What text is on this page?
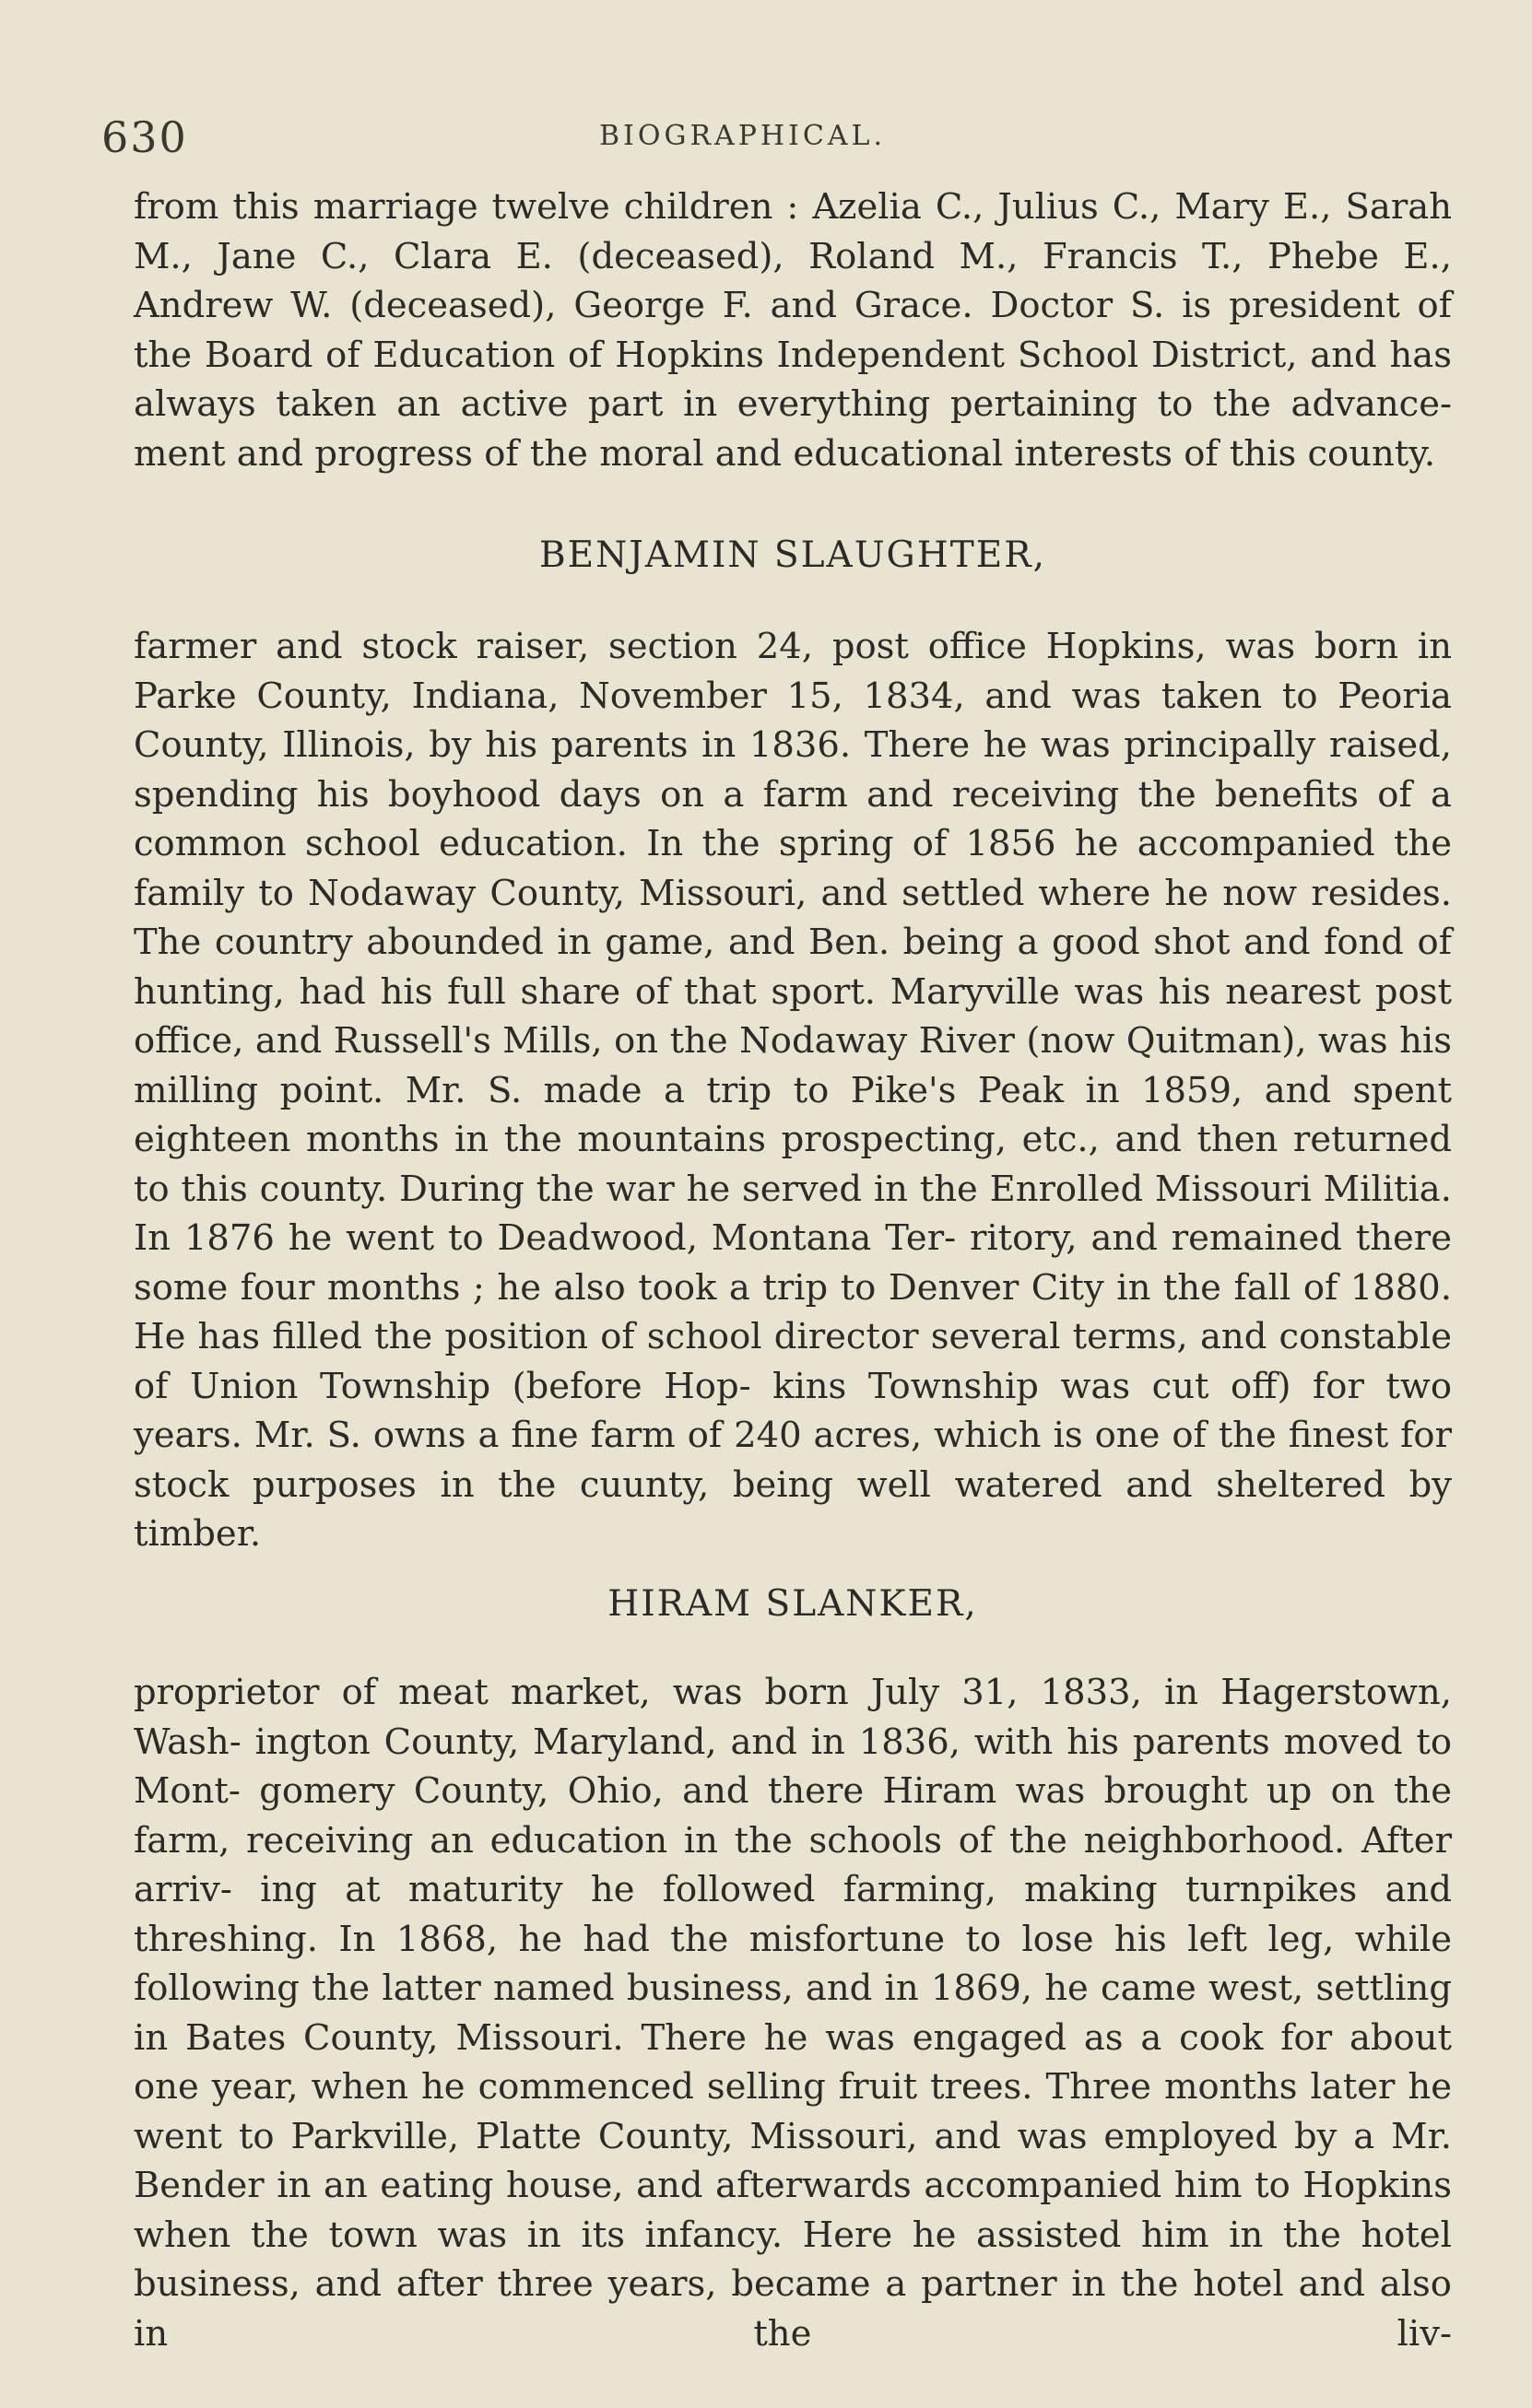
630	BIOGRAPHICAL.

from this marriage twelve children : Azelia C., Julius C., Mary E., Sarah M., Jane C., Clara E. (deceased), Roland M., Francis T., Phebe E., Andrew W. (deceased), George F. and Grace. Doctor S. is president of the Board of Education of Hopkins Independent School District, and has always taken an active part in everything pertaining to the advance- ment and progress of the moral and educational interests of this county.

BENJAMIN SLAUGHTER,

farmer and stock raiser, section 24, post office Hopkins, was born in Parke County, Indiana, November 15, 1834, and was taken to Peoria County, Illinois, by his parents in 1836. There he was principally raised, spending his boyhood days on a farm and receiving the benefits of a common school education. In the spring of 1856 he accompanied the family to Nodaway County, Missouri, and settled where he now resides. The country abounded in game, and Ben. being a good shot and fond of hunting, had his full share of that sport. Maryville was his nearest post office, and Russell's Mills, on the Nodaway River (now Quitman), was his milling point. Mr. S. made a trip to Pike's Peak in 1859, and spent eighteen months in the mountains prospecting, etc., and then returned to this county. During the war he served in the Enrolled Missouri Militia. In 1876 he went to Deadwood, Montana Ter- ritory, and remained there some four months ; he also took a trip to Denver City in the fall of 1880. He has filled the position of school director several terms, and constable of Union Township (before Hop- kins Township was cut off) for two years. Mr. S. owns a fine farm of 240 acres, which is one of the finest for stock purposes in the cuunty, being well watered and sheltered by timber.

HIRAM SLANKER,

proprietor of meat market, was born July 31, 1833, in Hagerstown, Wash- ington County, Maryland, and in 1836, with his parents moved to Mont- gomery County, Ohio, and there Hiram was brought up on the farm, receiving an education in the schools of the neighborhood. After arriv- ing at maturity he followed farming, making turnpikes and threshing. In 1868, he had the misfortune to lose his left leg, while following the latter named business, and in 1869, he came west, settling in Bates County, Missouri. There he was engaged as a cook for about one year, when he commenced selling fruit trees. Three months later he went to Parkville, Platte County, Missouri, and was employed by a Mr. Bender in an eating house, and afterwards accompanied him to Hopkins when the town was in its infancy. Here he assisted him in the hotel business, and after three years, became a partner in the hotel and also in the liv-
